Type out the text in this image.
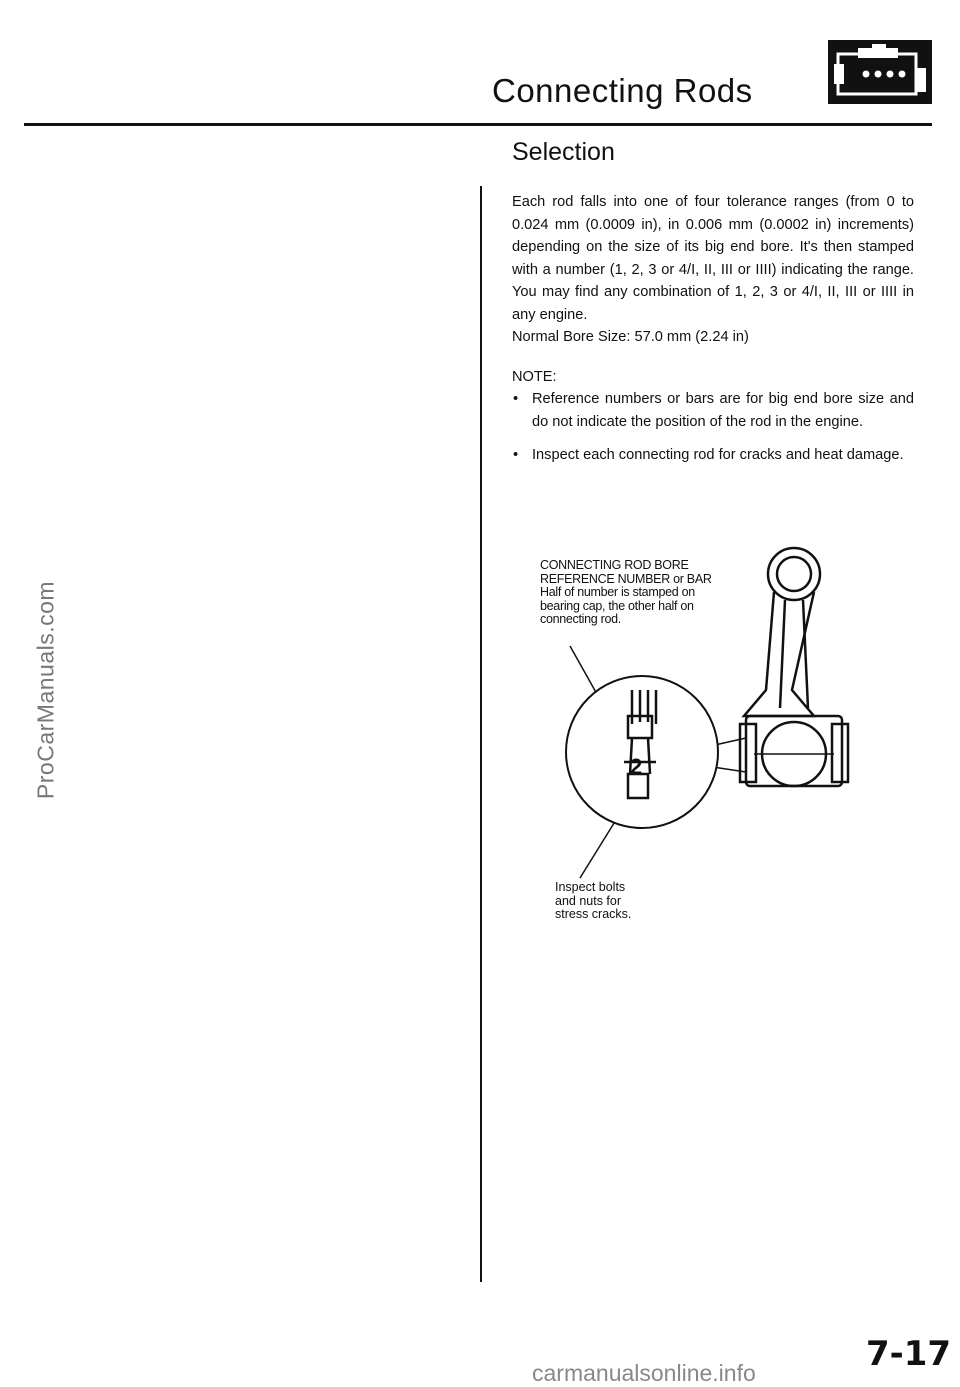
Connecting Rods
ProCarManuals.com
Selection
Each rod falls into one of four tolerance ranges (from 0 to 0.024 mm (0.0009 in), in 0.006 mm (0.0002 in) increments) depending on the size of its big end bore. It's then stamped with a number (1, 2, 3 or 4/I, II, III or IIII) indicating the range. You may find any combination of 1, 2, 3 or 4/I, II, III or IIII in any engine.
Normal Bore Size: 57.0 mm (2.24 in)
NOTE:
• Reference numbers or bars are for big end bore size and do not indicate the position of the rod in the engine.
• Inspect each connecting rod for cracks and heat damage.
2
CONNECTING ROD BORE
REFERENCE NUMBER or BAR
Half of number is stamped on
bearing cap, the other half on
connecting rod.
Inspect bolts
and nuts for
stress cracks.
7-17
carmanualsonline.info
